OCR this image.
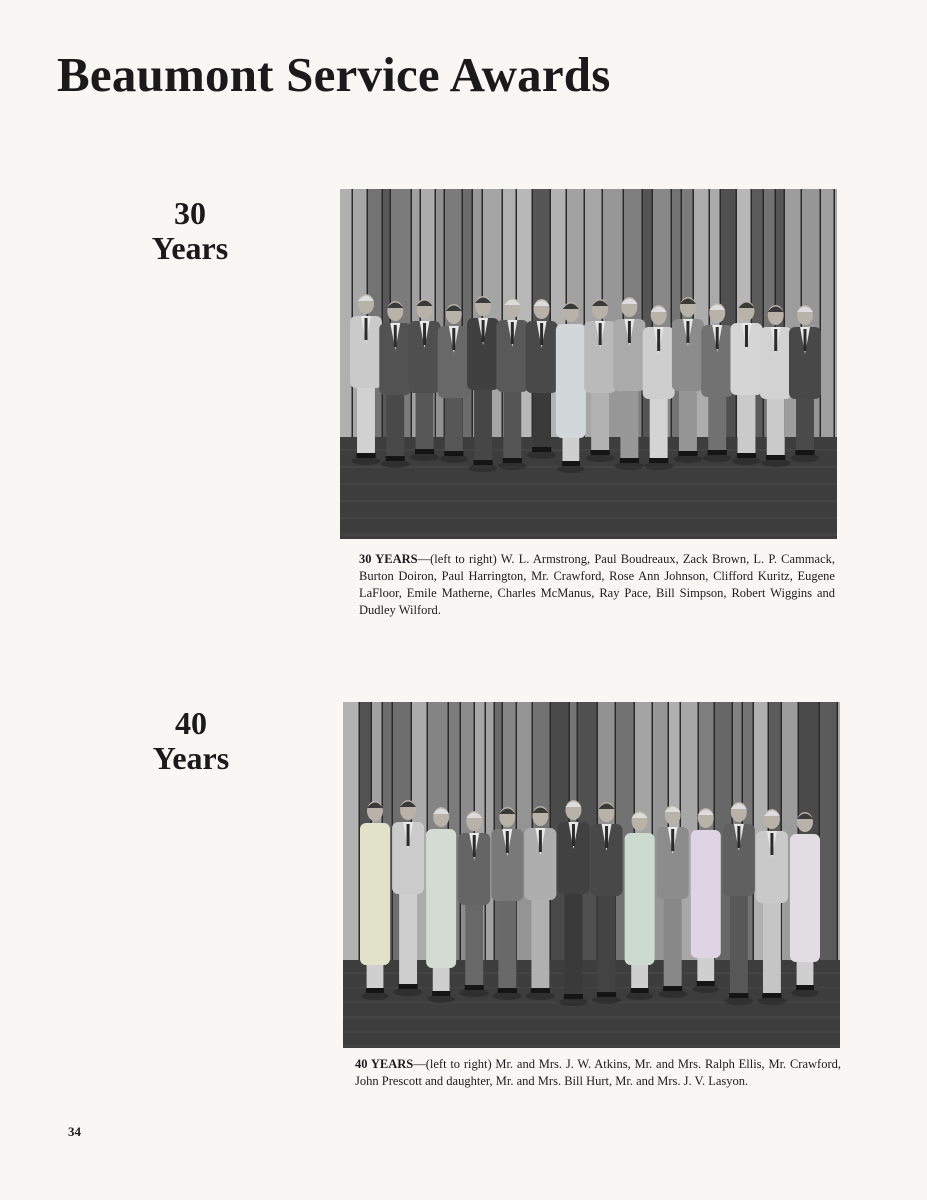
Beaumont Service Awards
30
Years

30 YEARS—(left to right) W. L. Armstrong, Paul Boudreaux, Zack Brown, L. P. Cammack, Burton Doiron, Paul Harrington, Mr. Crawford, Rose Ann Johnson, Clifford Kuritz, Eugene LaFloor, Emile Matherne, Charles McManus, Ray Pace, Bill Simpson, Robert Wiggins and Dudley Wilford.

40
Years

40 YEARS—(left to right) Mr. and Mrs. J. W. Atkins, Mr. and Mrs. Ralph Ellis, Mr. Crawford, John Prescott and daughter, Mr. and Mrs. Bill Hurt, Mr. and Mrs. J. V. Lasyon.

34
